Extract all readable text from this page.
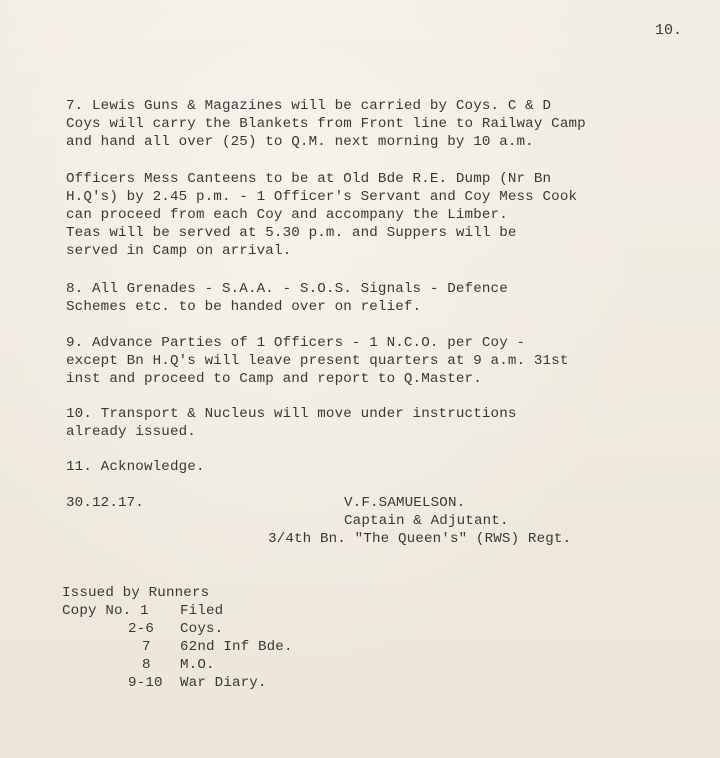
10.
7. Lewis Guns & Magazines will be carried by Coys. C & D
Coys will carry the Blankets from Front line to Railway Camp
and hand all over (25) to Q.M. next morning by 10 a.m.
Officers Mess Canteens to be at Old Bde R.E. Dump (Nr Bn
H.Q's) by 2.45 p.m. - 1 Officer's Servant and Coy Mess Cook
can proceed from each Coy and accompany the Limber.
Teas will be served at 5.30 p.m. and Suppers will be
served in Camp on arrival.
8. All Grenades - S.A.A. - S.O.S. Signals - Defence
Schemes etc. to be handed over on relief.
9. Advance Parties of 1 Officers - 1 N.C.O. per Coy -
except Bn H.Q's will leave present quarters at 9 a.m. 31st
inst and proceed to Camp and report to Q.Master.
10. Transport & Nucleus will move under instructions
already issued.
11. Acknowledge.
30.12.17.	V.F.SAMUELSON.
Captain & Adjutant.
3/4th Bn. "The Queen's" (RWS) Regt.
Issued by Runners
Copy No. 1 Filed
2-6 Coys.
7 62nd Inf Bde.
8 M.O.
9-10 War Diary.
